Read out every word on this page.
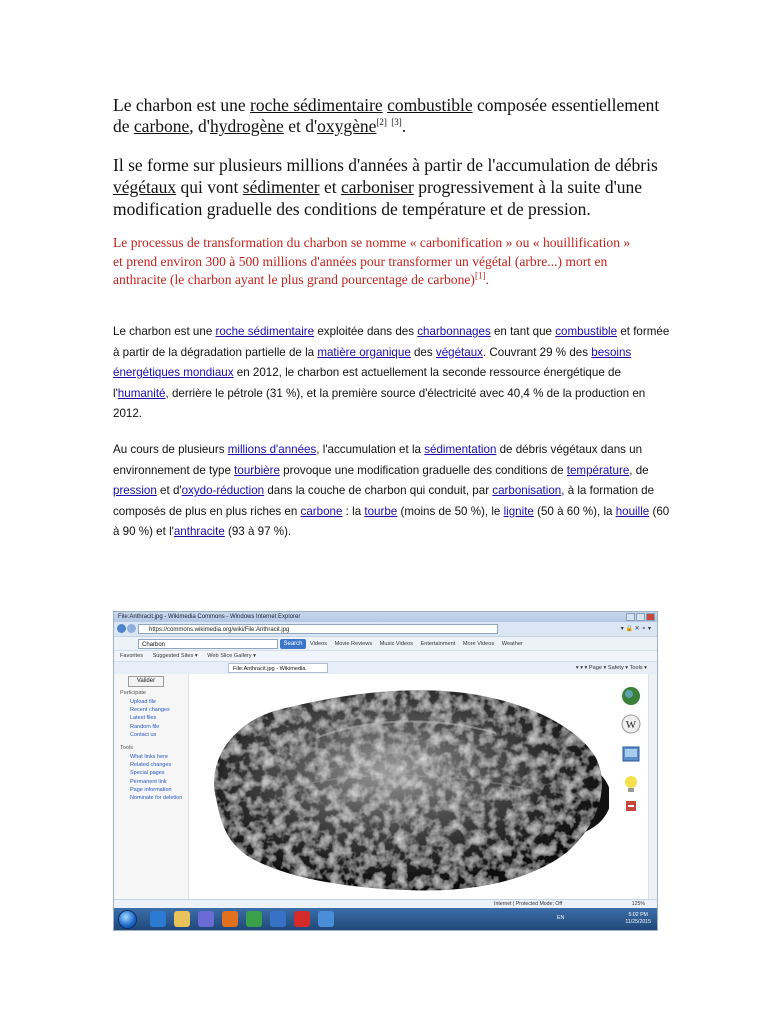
Le charbon est une roche sédimentaire combustible composée essentiellement de carbone, d'hydrogène et d'oxygène[2] [3].

Il se forme sur plusieurs millions d'années à partir de l'accumulation de débris végétaux qui vont sédimenter et carboniser progressivement à la suite d'une modification graduelle des conditions de température et de pression.

Le processus de transformation du charbon se nomme « carbonification » ou « houillification » et prend environ 300 à 500 millions d'années pour transformer un végétal (arbre...) mort en anthracite (le charbon ayant le plus grand pourcentage de carbone)[1].

Le charbon est une roche sédimentaire exploitée dans des charbonnages en tant que combustible et formée à partir de la dégradation partielle de la matière organique des végétaux. Couvrant 29 % des besoins énergétiques mondiaux en 2012, le charbon est actuellement la seconde ressource énergétique de l'humanité, derrière le pétrole (31 %), et la première source d'électricité avec 40,4 % de la production en 2012.

Au cours de plusieurs millions d'années, l'accumulation et la sédimentation de débris végétaux dans un environnement de type tourbière provoque une modification graduelle des conditions de température, de pression et d'oxydo-réduction dans la couche de charbon qui conduit, par carbonisation, à la formation de composés de plus en plus riches en carbone : la tourbe (moins de 50 %), le lignite (50 à 60 %), la houille (60 à 90 %) et l'anthracite (93 à 97 %).

File:Anthracit.jpg - Wikimedia Commons - Windows Internet Explorer
https://commons.wikimedia.org/wiki/File:Anthracit.jpg	▾ 🔒 ✕ ⚬ ▾
Charbon	Search	Videos Movie Reviews Music Videos Entertainment More Videos Weather
Favorites Suggested Sites ▾ Web Slice Gallery ▾
File:Anthracit.jpg - Wikimedia	▾ ▾ ▾ Page ▾ Safety ▾ Tools ▾
Valider
Participate
Upload file
Recent changes
Latest files
Random file
Contact us
Tools
What links here
Related changes
Special pages
Permanent link
Page information
Nominate for deletion
W
Internet | Protected Mode: Off	125%
EN	5:02 PM
11/25/2015
